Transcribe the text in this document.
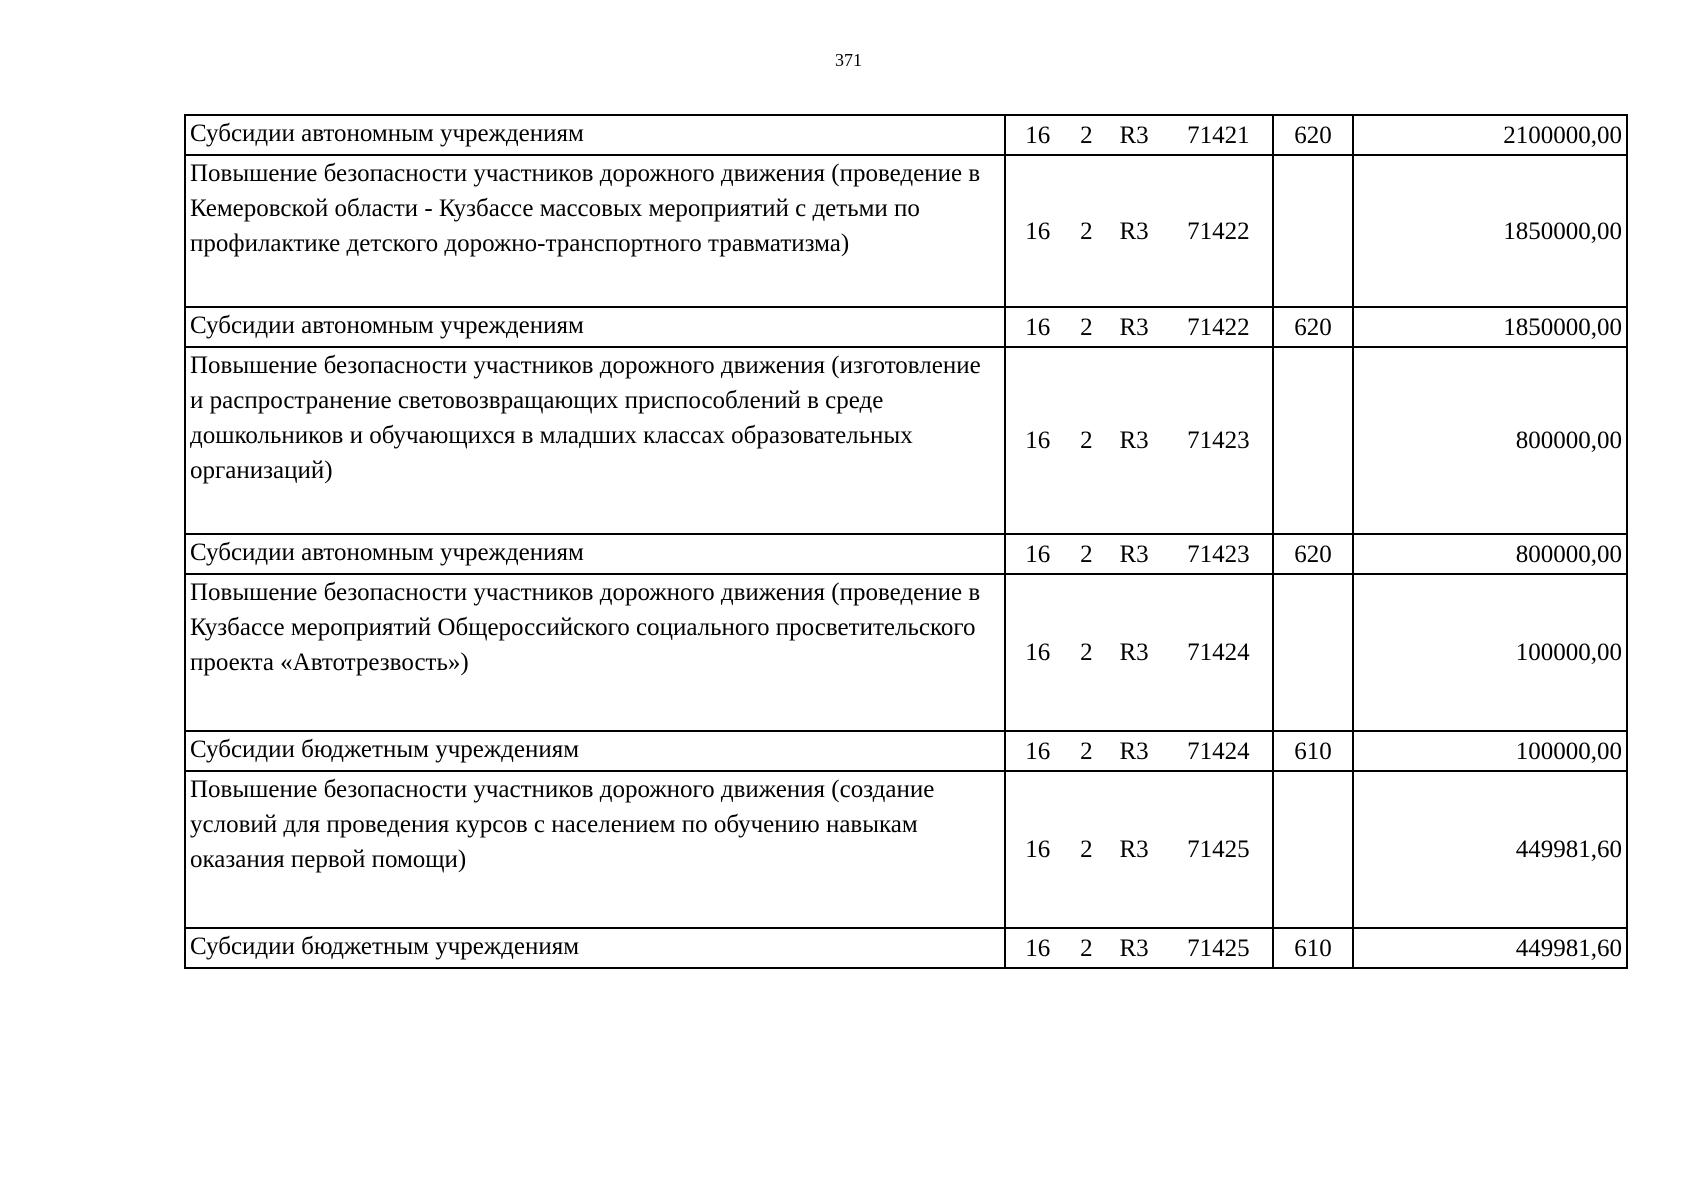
371
Субсидии автономным учреждениям	16 2 R3 71421	620	2100000,00
Повышение безопасности участников дорожного движения (проведение в Кемеровской области - Кузбассе массовых мероприятий с детьми по профилактике детского дорожно-транспортного травматизма)	16 2 R3 71422		1850000,00
Субсидии автономным учреждениям	16 2 R3 71422	620	1850000,00
Повышение безопасности участников дорожного движения (изготовление и распространение световозвращающих приспособлений в среде дошкольников и обучающихся в младших классах образовательных организаций)	16 2 R3 71423		800000,00
Субсидии автономным учреждениям	16 2 R3 71423	620	800000,00
Повышение безопасности участников дорожного движения (проведение в Кузбассе мероприятий Общероссийского социального просветительского проекта «Автотрезвость»)	16 2 R3 71424		100000,00
Субсидии бюджетным учреждениям	16 2 R3 71424	610	100000,00
Повышение безопасности участников дорожного движения (создание условий для проведения курсов с населением по обучению навыкам оказания первой помощи)	16 2 R3 71425		449981,60
Субсидии бюджетным учреждениям	16 2 R3 71425	610	449981,60
